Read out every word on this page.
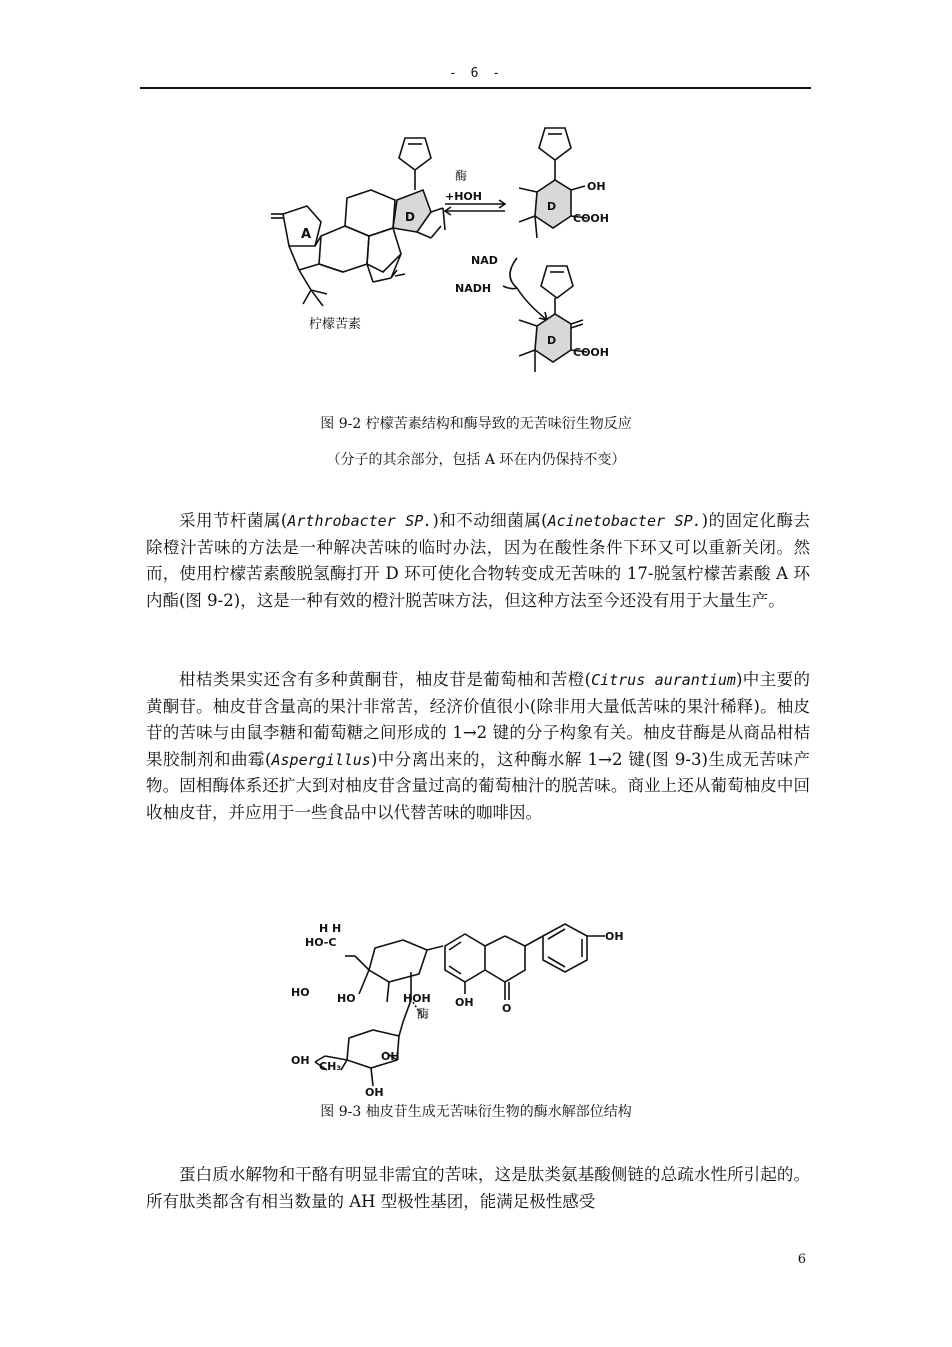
- 6 -
A
D
柠檬苦素
酶
+HOH
NAD
NADH
OH
COOH
D
COOH
D
图 9-2 柠檬苦素结构和酶导致的无苦味衍生物反应
（分子的其余部分，包括 A 环在内仍保持不变）

采用节杆菌属(Arthrobacter SP.)和不动细菌属(Acinetobacter SP.)的固定化酶去除橙汁苦味的方法是一种解决苦味的临时办法，因为在酸性条件下环又可以重新关闭。然而，使用柠檬苦素酸脱氢酶打开 D 环可使化合物转变成无苦味的 17-脱氢柠檬苦素酸 A 环内酯(图 9-2)，这是一种有效的橙汁脱苦味方法，但这种方法至今还没有用于大量生产。

柑桔类果实还含有多种黄酮苷，柚皮苷是葡萄柚和苦橙(Citrus aurantium)中主要的黄酮苷。柚皮苷含量高的果汁非常苦，经济价值很小(除非用大量低苦味的果汁稀释)。柚皮苷的苦味与由鼠李糖和葡萄糖之间形成的 1→2 键的分子构象有关。柚皮苷酶是从商品柑桔果胶制剂和曲霉(Aspergillus)中分离出来的，这种酶水解 1→2 键(图 9-3)生成无苦味产物。固相酶体系还扩大到对柚皮苷含量过高的葡萄柚汁的脱苦味。商业上还从葡萄柚皮中回收柚皮苷，并应用于一些食品中以代替苦味的咖啡因。

H H
HO-C
HO HO	HOH
酶
OH	O
OH
OH
OH CH₃
OH
图 9-3 柚皮苷生成无苦味衍生物的酶水解部位结构

蛋白质水解物和干酪有明显非需宜的苦味，这是肽类氨基酸侧链的总疏水性所引起的。所有肽类都含有相当数量的 AH 型极性基团，能满足极性感受

6
